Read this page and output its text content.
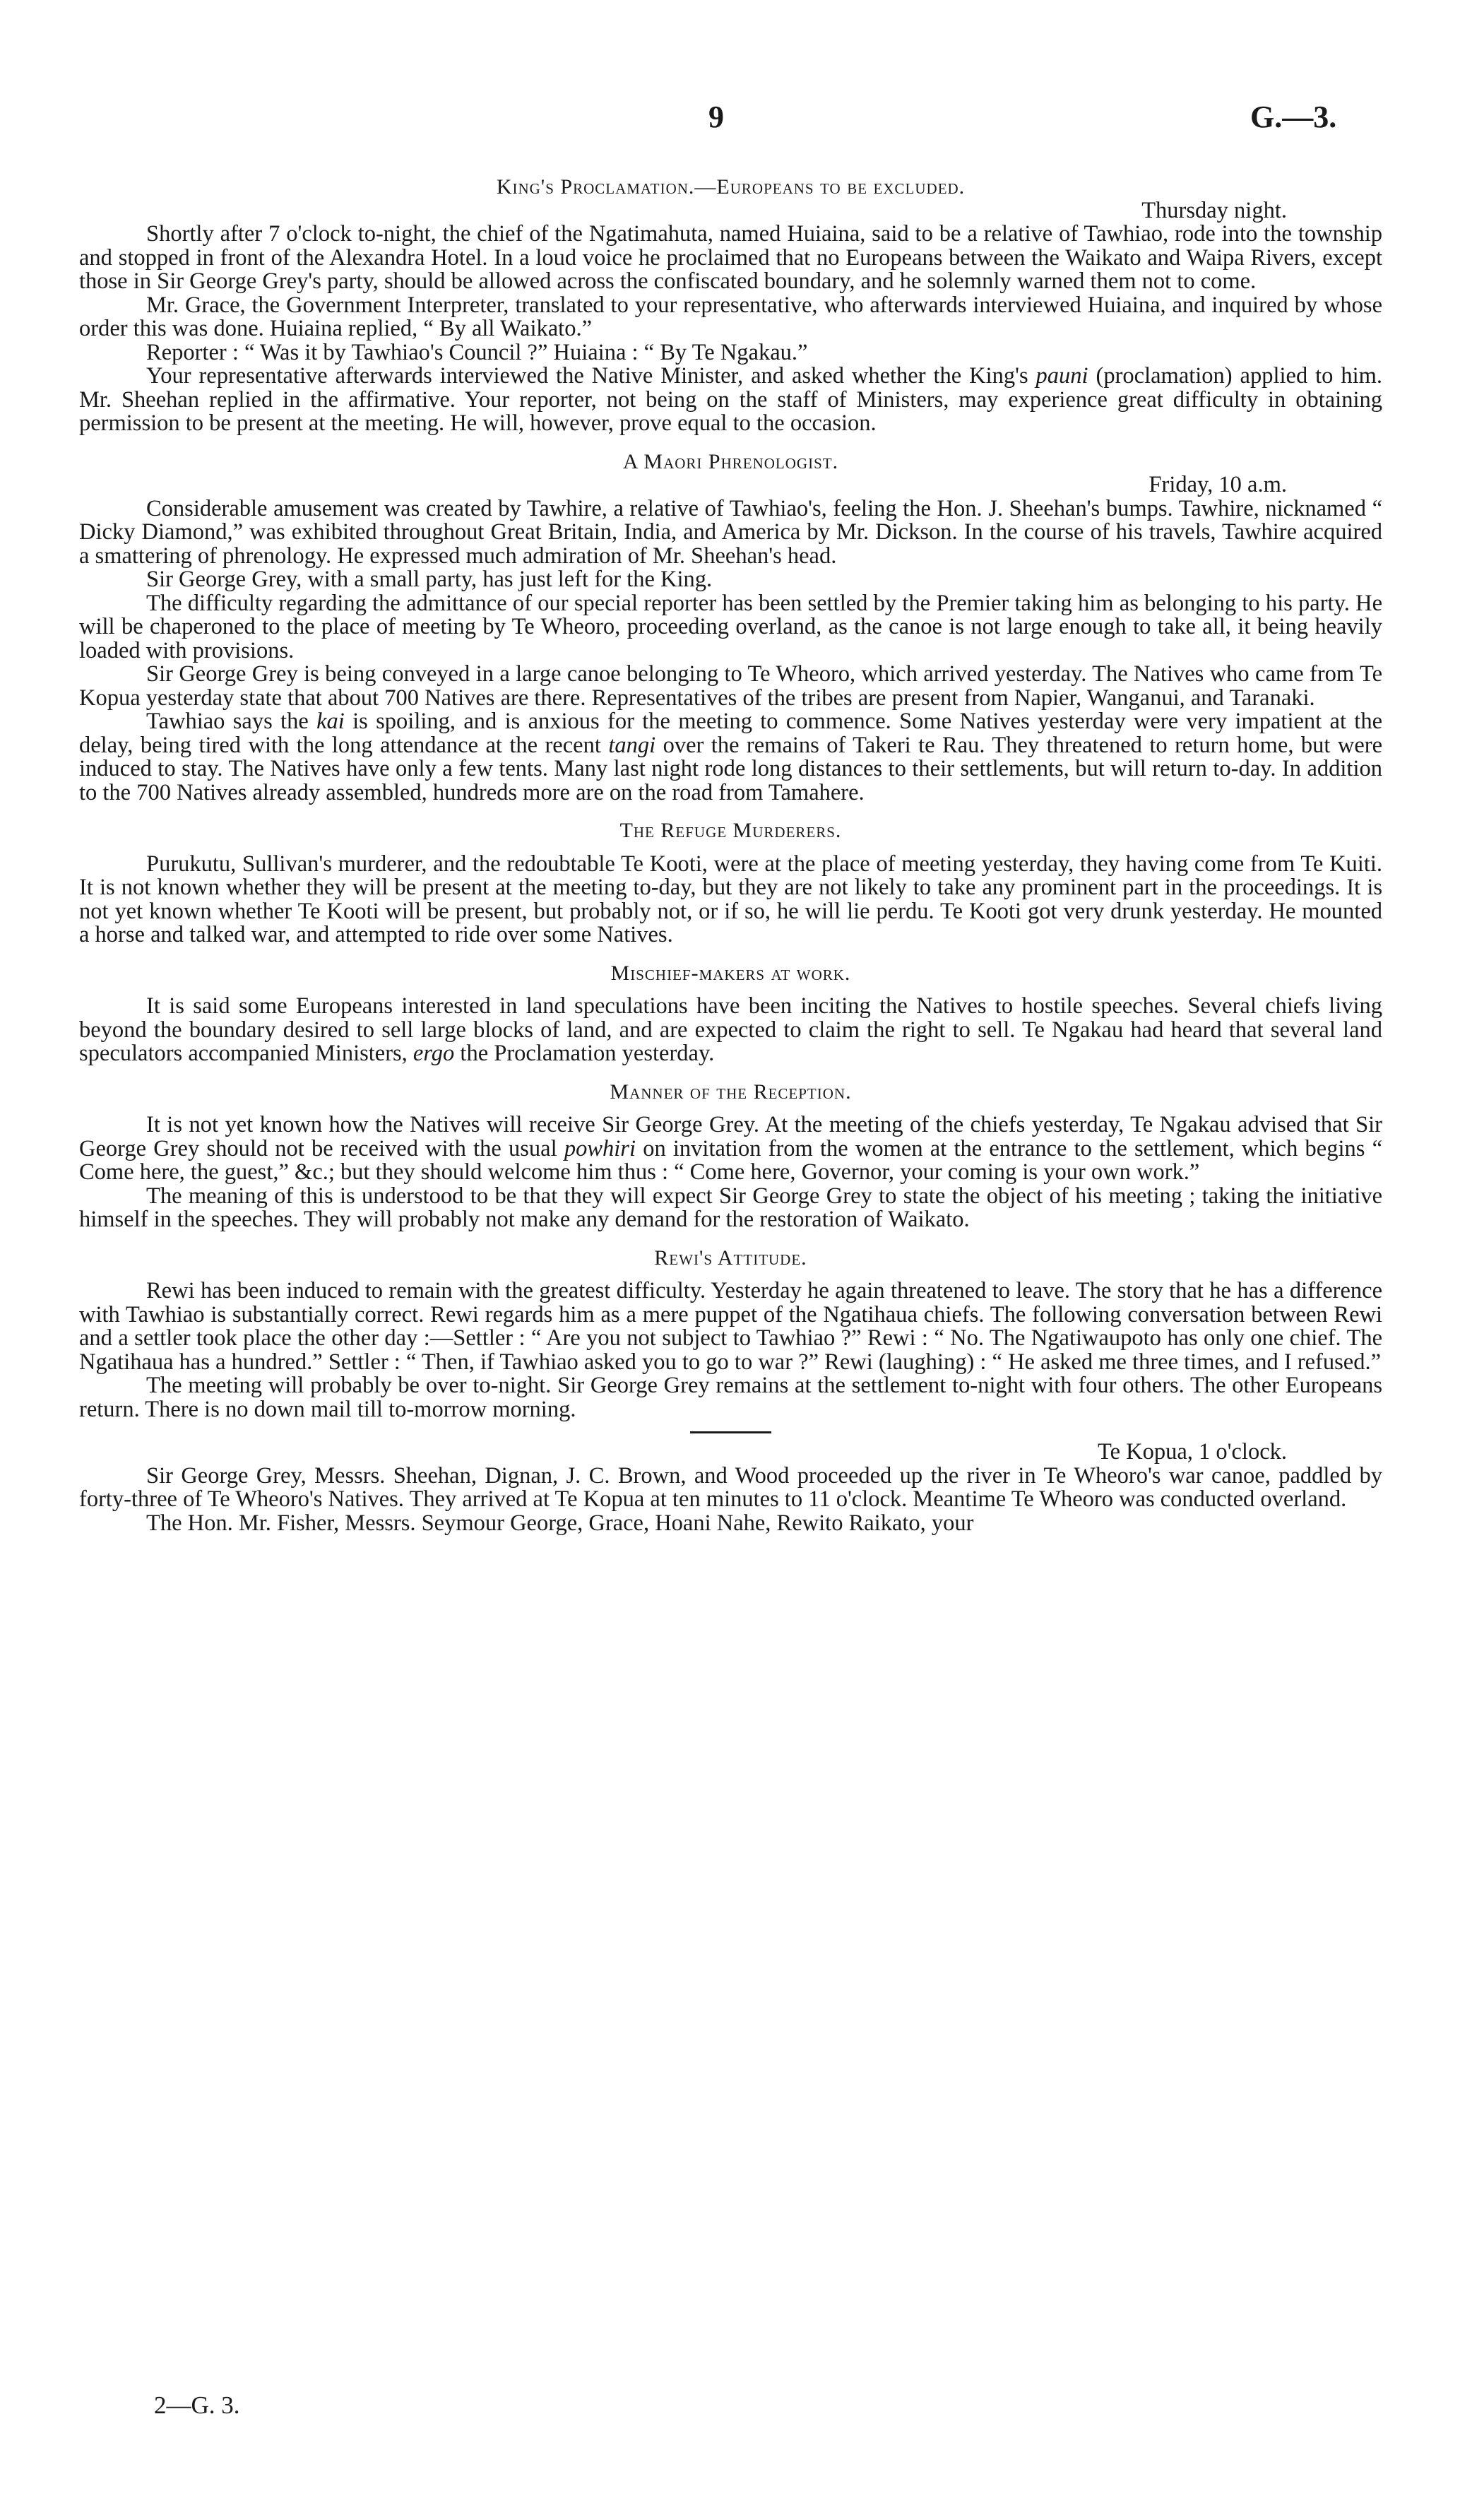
9	G.—3.

King's Proclamation.—Europeans to be excluded.

Thursday night.

Shortly after 7 o'clock to-night, the chief of the Ngatimahuta, named Huiaina, said to be a relative of Tawhiao, rode into the township and stopped in front of the Alexandra Hotel. In a loud voice he proclaimed that no Europeans between the Waikato and Waipa Rivers, except those in Sir George Grey's party, should be allowed across the confiscated boundary, and he solemnly warned them not to come.

Mr. Grace, the Government Interpreter, translated to your representative, who afterwards interviewed Huiaina, and inquired by whose order this was done. Huiaina replied, “ By all Waikato.”

Reporter : “ Was it by Tawhiao's Council ?” Huiaina : “ By Te Ngakau.”

Your representative afterwards interviewed the Native Minister, and asked whether the King's pauni (proclamation) applied to him. Mr. Sheehan replied in the affirmative. Your reporter, not being on the staff of Ministers, may experience great difficulty in obtaining permission to be present at the meeting. He will, however, prove equal to the occasion.

A Maori Phrenologist.

Friday, 10 a.m.

Considerable amusement was created by Tawhire, a relative of Tawhiao's, feeling the Hon. J. Sheehan's bumps. Tawhire, nicknamed “ Dicky Diamond,” was exhibited throughout Great Britain, India, and America by Mr. Dickson. In the course of his travels, Tawhire acquired a smattering of phrenology. He expressed much admiration of Mr. Sheehan's head.

Sir George Grey, with a small party, has just left for the King.

The difficulty regarding the admittance of our special reporter has been settled by the Premier taking him as belonging to his party. He will be chaperoned to the place of meeting by Te Wheoro, proceeding overland, as the canoe is not large enough to take all, it being heavily loaded with provisions.

Sir George Grey is being conveyed in a large canoe belonging to Te Wheoro, which arrived yesterday. The Natives who came from Te Kopua yesterday state that about 700 Natives are there. Representatives of the tribes are present from Napier, Wanganui, and Taranaki.

Tawhiao says the kai is spoiling, and is anxious for the meeting to commence. Some Natives yesterday were very impatient at the delay, being tired with the long attendance at the recent tangi over the remains of Takeri te Rau. They threatened to return home, but were induced to stay. The Natives have only a few tents. Many last night rode long distances to their settlements, but will return to-day. In addition to the 700 Natives already assembled, hundreds more are on the road from Tamahere.

The Refuge Murderers.

Purukutu, Sullivan's murderer, and the redoubtable Te Kooti, were at the place of meeting yesterday, they having come from Te Kuiti. It is not known whether they will be present at the meeting to-day, but they are not likely to take any prominent part in the proceedings. It is not yet known whether Te Kooti will be present, but probably not, or if so, he will lie perdu. Te Kooti got very drunk yesterday. He mounted a horse and talked war, and attempted to ride over some Natives.

Mischief-makers at work.

It is said some Europeans interested in land speculations have been inciting the Natives to hostile speeches. Several chiefs living beyond the boundary desired to sell large blocks of land, and are expected to claim the right to sell. Te Ngakau had heard that several land speculators accompanied Ministers, ergo the Proclamation yesterday.

Manner of the Reception.

It is not yet known how the Natives will receive Sir George Grey. At the meeting of the chiefs yesterday, Te Ngakau advised that Sir George Grey should not be received with the usual powhiri on invitation from the women at the entrance to the settlement, which begins “ Come here, the guest,” &c.; but they should welcome him thus : “ Come here, Governor, your coming is your own work.”

The meaning of this is understood to be that they will expect Sir George Grey to state the object of his meeting ; taking the initiative himself in the speeches. They will probably not make any demand for the restoration of Waikato.

Rewi's Attitude.

Rewi has been induced to remain with the greatest difficulty. Yesterday he again threatened to leave. The story that he has a difference with Tawhiao is substantially correct. Rewi regards him as a mere puppet of the Ngatihaua chiefs. The following conversation between Rewi and a settler took place the other day :—Settler : “ Are you not subject to Tawhiao ?” Rewi : “ No. The Ngatiwaupoto has only one chief. The Ngatihaua has a hundred.” Settler : “ Then, if Tawhiao asked you to go to war ?” Rewi (laughing) : “ He asked me three times, and I refused.”

The meeting will probably be over to-night. Sir George Grey remains at the settlement to-night with four others. The other Europeans return. There is no down mail till to-morrow morning.

Te Kopua, 1 o'clock.

Sir George Grey, Messrs. Sheehan, Dignan, J. C. Brown, and Wood proceeded up the river in Te Wheoro's war canoe, paddled by forty-three of Te Wheoro's Natives. They arrived at Te Kopua at ten minutes to 11 o'clock. Meantime Te Wheoro was conducted overland.

The Hon. Mr. Fisher, Messrs. Seymour George, Grace, Hoani Nahe, Rewito Raikato, your

2—G. 3.
